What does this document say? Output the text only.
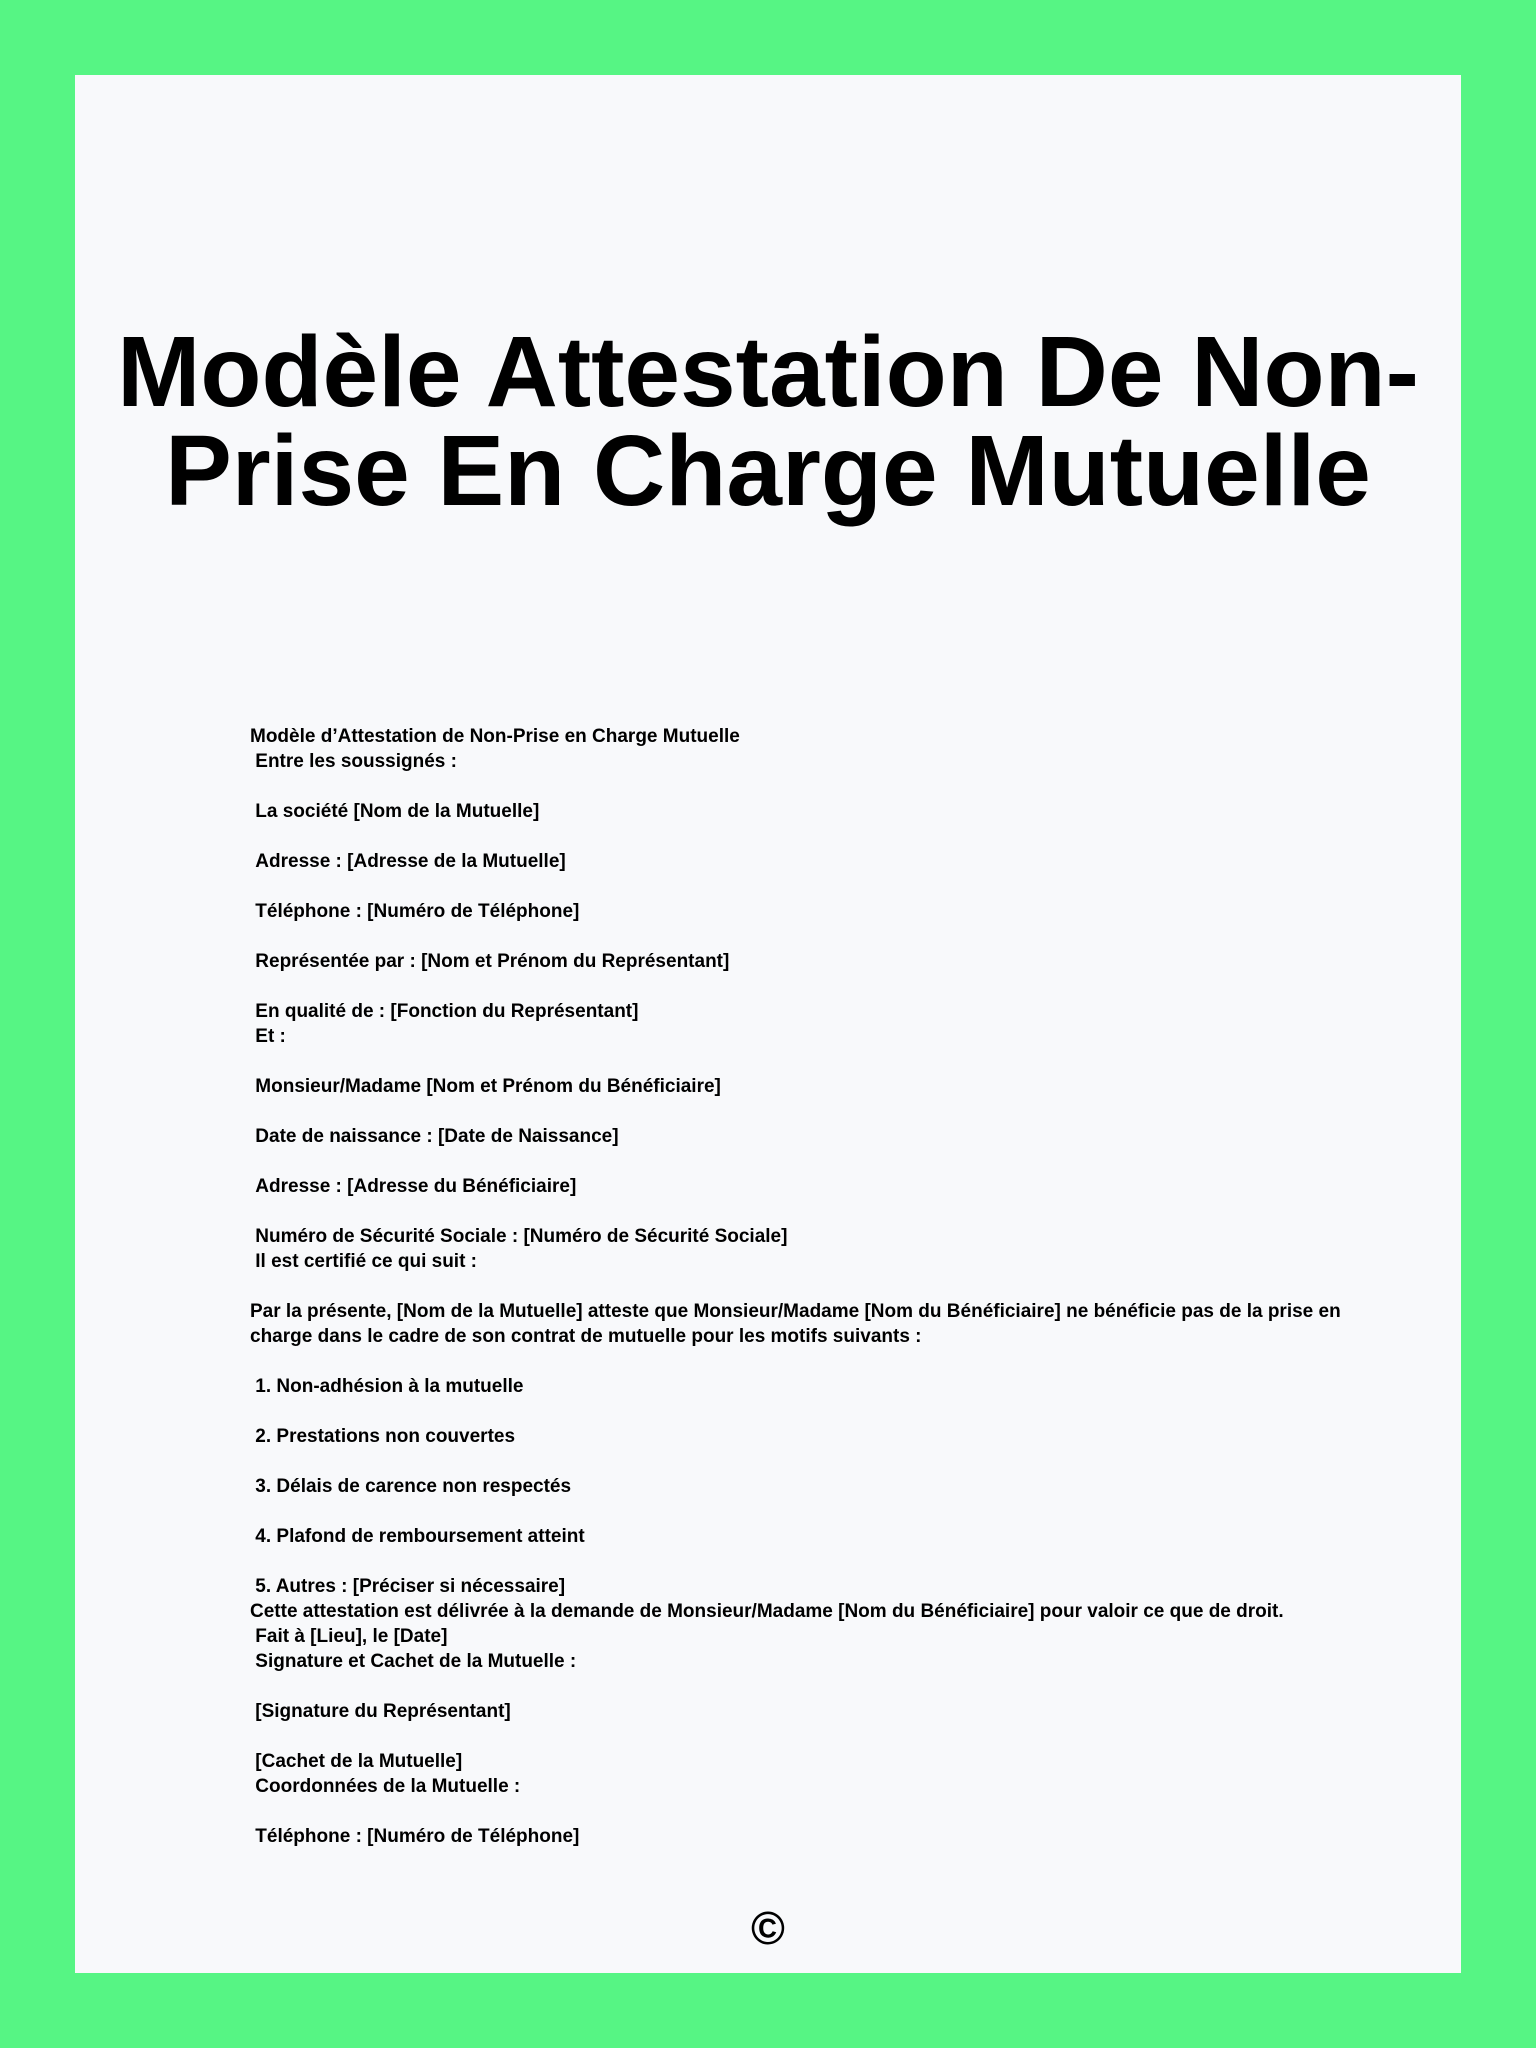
Modèle Attestation De Non-Prise En Charge Mutuelle
Modèle d’Attestation de Non-Prise en Charge Mutuelle
Entre les soussignés :
La société [Nom de la Mutuelle]
Adresse : [Adresse de la Mutuelle]
Téléphone : [Numéro de Téléphone]
Représentée par : [Nom et Prénom du Représentant]
En qualité de : [Fonction du Représentant]
Et :
Monsieur/Madame [Nom et Prénom du Bénéficiaire]
Date de naissance : [Date de Naissance]
Adresse : [Adresse du Bénéficiaire]
Numéro de Sécurité Sociale : [Numéro de Sécurité Sociale]
Il est certifié ce qui suit :
Par la présente, [Nom de la Mutuelle] atteste que Monsieur/Madame [Nom du Bénéficiaire] ne bénéficie pas de la prise en charge dans le cadre de son contrat de mutuelle pour les motifs suivants :
1. Non-adhésion à la mutuelle
2. Prestations non couvertes
3. Délais de carence non respectés
4. Plafond de remboursement atteint
5. Autres : [Préciser si nécessaire]
Cette attestation est délivrée à la demande de Monsieur/Madame [Nom du Bénéficiaire] pour valoir ce que de droit.
Fait à [Lieu], le [Date]
Signature et Cachet de la Mutuelle :
[Signature du Représentant]
[Cachet de la Mutuelle]
Coordonnées de la Mutuelle :
Téléphone : [Numéro de Téléphone]
©
